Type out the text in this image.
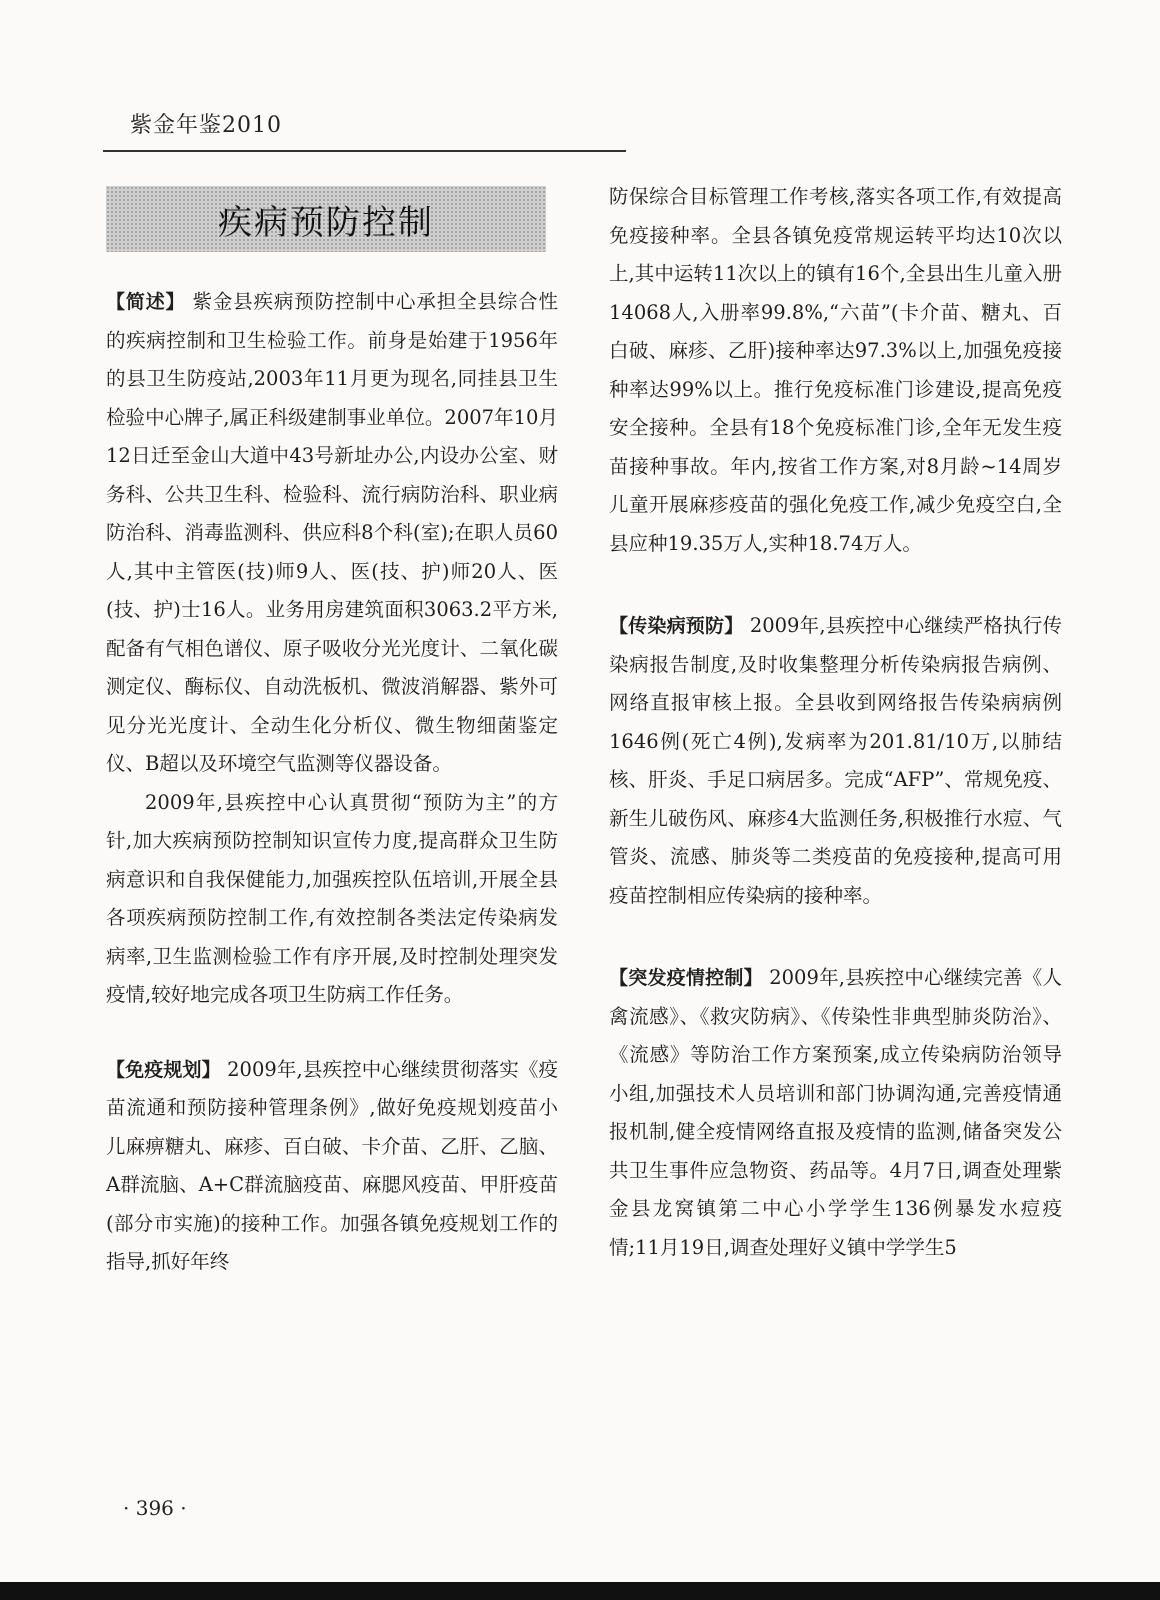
紫金年鉴2010
疾病预防控制

【简述】 紫金县疾病预防控制中心承担全县综合性的疾病控制和卫生检验工作。前身是始建于1956年的县卫生防疫站,2003年11月更为现名,同挂县卫生检验中心牌子,属正科级建制事业单位。2007年10月12日迁至金山大道中43号新址办公,内设办公室、财务科、公共卫生科、检验科、流行病防治科、职业病防治科、消毒监测科、供应科8个科(室);在职人员60人,其中主管医(技)师9人、医(技、护)师20人、医(技、护)士16人。业务用房建筑面积3063.2平方米,配备有气相色谱仪、原子吸收分光光度计、二氧化碳测定仪、酶标仪、自动洗板机、微波消解器、紫外可见分光光度计、全动生化分析仪、微生物细菌鉴定仪、B超以及环境空气监测等仪器设备。

2009年,县疾控中心认真贯彻“预防为主”的方针,加大疾病预防控制知识宣传力度,提高群众卫生防病意识和自我保健能力,加强疾控队伍培训,开展全县各项疾病预防控制工作,有效控制各类法定传染病发病率,卫生监测检验工作有序开展,及时控制处理突发疫情,较好地完成各项卫生防病工作任务。

【免疫规划】 2009年,县疾控中心继续贯彻落实《疫苗流通和预防接种管理条例》,做好免疫规划疫苗小儿麻痹糖丸、麻疹、百白破、卡介苗、乙肝、乙脑、A群流脑、A+C群流脑疫苗、麻腮风疫苗、甲肝疫苗(部分市实施)的接种工作。加强各镇免疫规划工作的指导,抓好年终

防保综合目标管理工作考核,落实各项工作,有效提高免疫接种率。全县各镇免疫常规运转平均达10次以上,其中运转11次以上的镇有16个,全县出生儿童入册14068人,入册率99.8%,“六苗”(卡介苗、糖丸、百白破、麻疹、乙肝)接种率达97.3%以上,加强免疫接种率达99%以上。推行免疫标准门诊建设,提高免疫安全接种。全县有18个免疫标准门诊,全年无发生疫苗接种事故。年内,按省工作方案,对8月龄~14周岁儿童开展麻疹疫苗的强化免疫工作,减少免疫空白,全县应种19.35万人,实种18.74万人。

【传染病预防】 2009年,县疾控中心继续严格执行传染病报告制度,及时收集整理分析传染病报告病例、网络直报审核上报。全县收到网络报告传染病病例1646例(死亡4例),发病率为201.81/10万,以肺结核、肝炎、手足口病居多。完成“AFP”、常规免疫、新生儿破伤风、麻疹4大监测任务,积极推行水痘、气管炎、流感、肺炎等二类疫苗的免疫接种,提高可用疫苗控制相应传染病的接种率。

【突发疫情控制】 2009年,县疾控中心继续完善《人禽流感》、《救灾防病》、《传染性非典型肺炎防治》、《流感》等防治工作方案预案,成立传染病防治领导小组,加强技术人员培训和部门协调沟通,完善疫情通报机制,健全疫情网络直报及疫情的监测,储备突发公共卫生事件应急物资、药品等。4月7日,调查处理紫金县龙窝镇第二中心小学学生136例暴发水痘疫情;11月19日,调查处理好义镇中学学生5

· 396 ·
